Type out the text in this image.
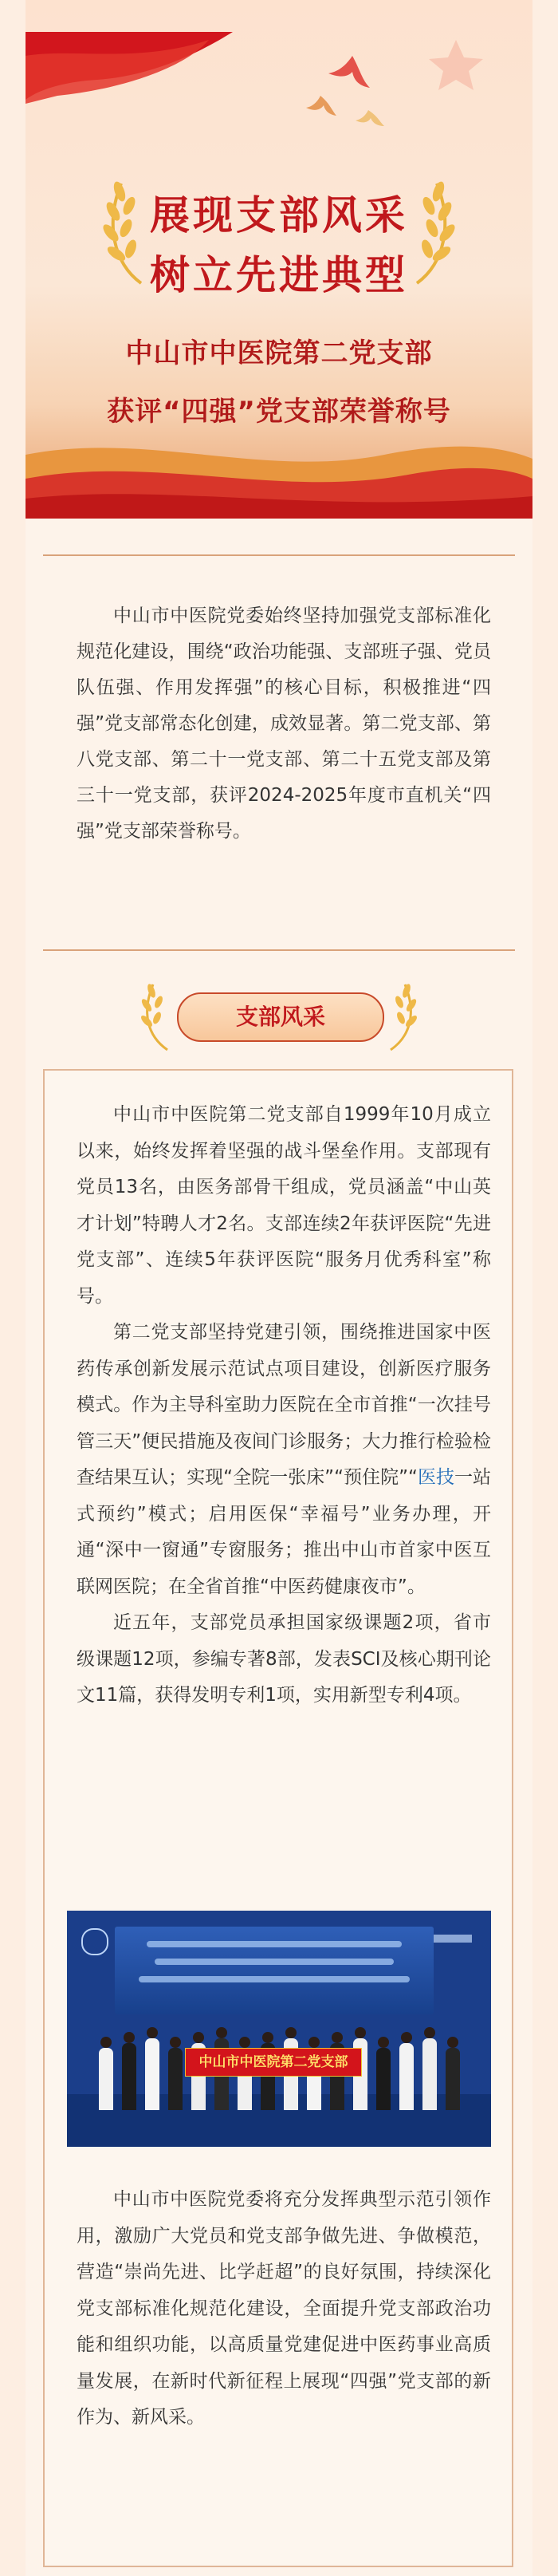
展现支部风采
树立先进典型
中山市中医院第二党支部
获评“四强”党支部荣誉称号

中山市中医院党委始终坚持加强党支部标准化规范化建设，围绕“政治功能强、支部班子强、党员队伍强、作用发挥强”的核心目标，积极推进“四强”党支部常态化创建，成效显著。第二党支部、第八党支部、第二十一党支部、第二十五党支部及第三十一党支部，获评2024-2025年度市直机关“四强”党支部荣誉称号。

支部风采

中山市中医院第二党支部自1999年10月成立以来，始终发挥着坚强的战斗堡垒作用。支部现有党员13名，由医务部骨干组成，党员涵盖“中山英才计划”特聘人才2名。支部连续2年获评医院“先进党支部”、连续5年获评医院“服务月优秀科室”称号。

第二党支部坚持党建引领，围绕推进国家中医药传承创新发展示范试点项目建设，创新医疗服务模式。作为主导科室助力医院在全市首推“一次挂号管三天”便民措施及夜间门诊服务；大力推行检验检查结果互认；实现“全院一张床”“预住院”“医技一站式预约”模式；启用医保“幸福号”业务办理，开通“深中一窗通”专窗服务；推出中山市首家中医互联网医院；在全省首推“中医药健康夜市”。

近五年，支部党员承担国家级课题2项，省市级课题12项，参编专著8部，发表SCI及核心期刊论文11篇，获得发明专利1项，实用新型专利4项。

中山市中医院第二党支部

中山市中医院党委将充分发挥典型示范引领作用，激励广大党员和党支部争做先进、争做模范，营造“崇尚先进、比学赶超”的良好氛围，持续深化党支部标准化规范化建设，全面提升党支部政治功能和组织功能，以高质量党建促进中医药事业高质量发展，在新时代新征程上展现“四强”党支部的新作为、新风采。
